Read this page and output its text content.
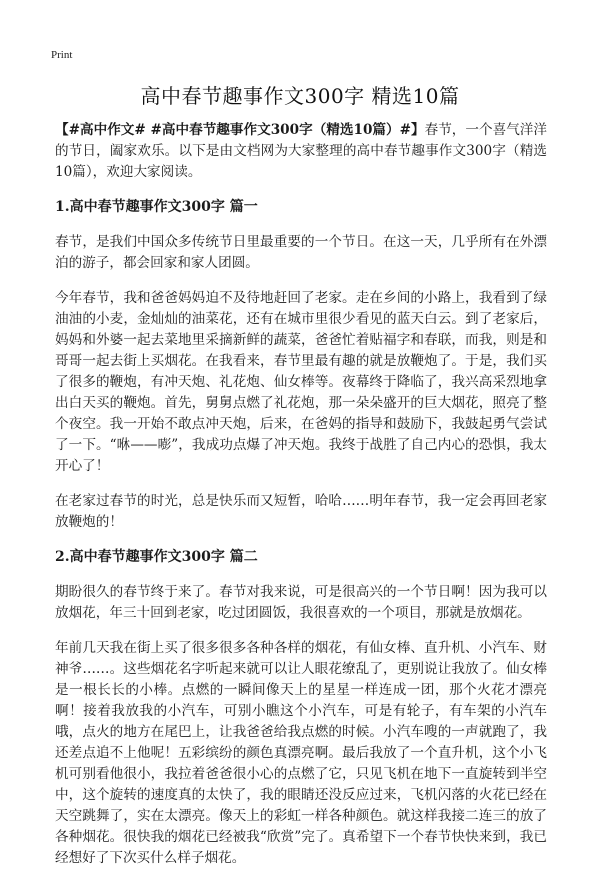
Print
高中春节趣事作文300字 精选10篇

【#高中作文# #高中春节趣事作文300字（精选10篇）#】春节，一个喜气洋洋的节日，阖家欢乐。以下是由文档网为大家整理的高中春节趣事作文300字（精选10篇），欢迎大家阅读。

1.高中春节趣事作文300字 篇一

春节，是我们中国众多传统节日里最重要的一个节日。在这一天，几乎所有在外漂泊的游子，都会回家和家人团圆。

今年春节，我和爸爸妈妈迫不及待地赶回了老家。走在乡间的小路上，我看到了绿油油的小麦，金灿灿的油菜花，还有在城市里很少看见的蓝天白云。到了老家后，妈妈和外婆一起去菜地里采摘新鲜的蔬菜，爸爸忙着贴福字和春联，而我，则是和哥哥一起去街上买烟花。在我看来，春节里最有趣的就是放鞭炮了。于是，我们买了很多的鞭炮，有冲天炮、礼花炮、仙女棒等。夜幕终于降临了，我兴高采烈地拿出白天买的鞭炮。首先，舅舅点燃了礼花炮，那一朵朵盛开的巨大烟花，照亮了整个夜空。我一开始不敢点冲天炮，后来，在爸妈的指导和鼓励下，我鼓起勇气尝试了一下。“咻——嘭”，我成功点爆了冲天炮。我终于战胜了自己内心的恐惧，我太开心了！

在老家过春节的时光，总是快乐而又短暂，哈哈……明年春节，我一定会再回老家放鞭炮的！

2.高中春节趣事作文300字 篇二

期盼很久的春节终于来了。春节对我来说，可是很高兴的一个节日啊！因为我可以放烟花，年三十回到老家，吃过团圆饭，我很喜欢的一个项目，那就是放烟花。

年前几天我在街上买了很多很多各种各样的烟花，有仙女棒、直升机、小汽车、财神爷……。这些烟花名字听起来就可以让人眼花缭乱了，更别说让我放了。仙女棒是一根长长的小棒。点燃的一瞬间像天上的星星一样连成一团，那个火花才漂亮啊！接着我放我的小汽车，可别小瞧这个小汽车，可是有轮子，有车架的小汽车哦，点火的地方在尾巴上，让我爸爸给我点燃的时候。小汽车嗖的一声就跑了，我还差点追不上他呢！五彩缤纷的颜色真漂亮啊。最后我放了一个直升机，这个小飞机可别看他很小，我拉着爸爸很小心的点燃了它，只见飞机在地下一直旋转到半空中，这个旋转的速度真的太快了，我的眼睛还没反应过来，飞机闪落的火花已经在天空跳舞了，实在太漂亮。像天上的彩虹一样各种颜色。就这样我接二连三的放了各种烟花。很快我的烟花已经被我“欣赏”完了。真希望下一个春节快快来到，我已经想好了下次买什么样子烟花。
